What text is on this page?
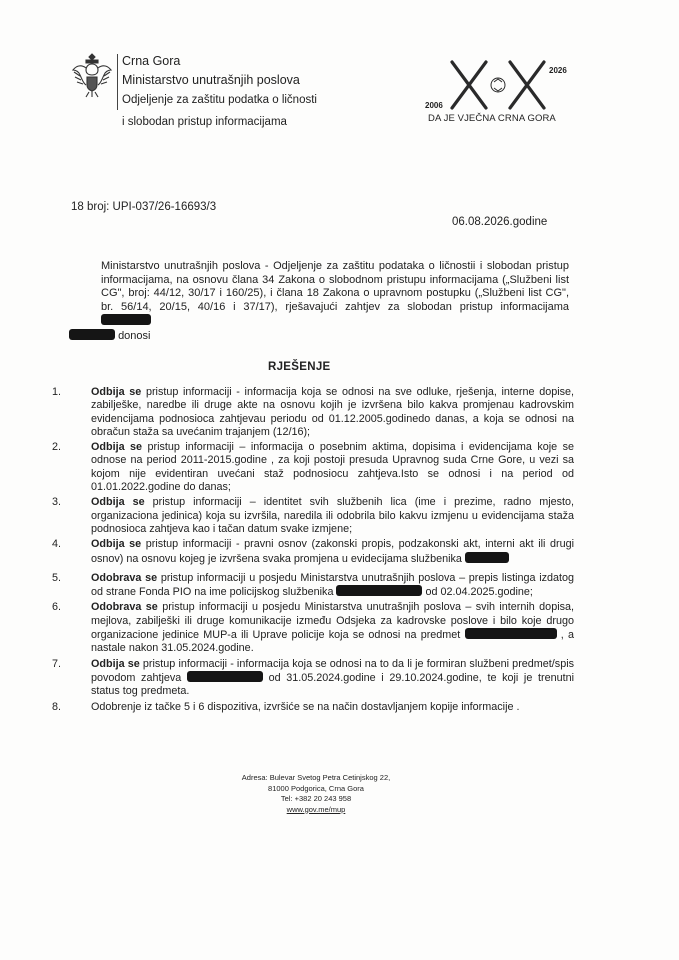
Crna Gora
Ministarstvo unutrašnjih poslova
Odjeljenje za zaštitu podatka o ličnosti
i slobodan pristup informacijama
2006
2026
DA JE VJEČNA CRNA GORA
18 broj: UPI-037/26-16693/3
06.08.2026.godine
Ministarstvo unutrašnjih poslova - Odjeljenje za zaštitu podataka o ličnostii i slobodan pristup informacijama, na osnovu člana 34 Zakona o slobodnom pristupu informacijama („Službeni list CG", broj: 44/12, 30/17 i 160/25), i člana 18 Zakona o upravnom postupku („Službeni list CG", br. 56/14, 20/15, 40/16 i 37/17), rješavajući zahtjev za slobodan pristup informacijama
donosi
RJEŠENJE
1.	Odbija se pristup informaciji - informacija koja se odnosi na sve odluke, rješenja, interne dopise, zabilješke, naredbe ili druge akte na osnovu kojih je izvršena bilo kakva promjenau kadrovskim evidencijama podnosioca zahtjevau periodu od 01.12.2005.godinedo danas, a koja se odnosi na obračun staža sa uvećanim trajanjem (12/16);
2.	Odbija se pristup informaciji – informacija o posebnim aktima, dopisima i evidencijama koje se odnose na period 2011-2015.godine , za koji postoji presuda Upravnog suda Crne Gore, u vezi sa kojom nije evidentiran uvećani staž podnosiocu zahtjeva.Isto se odnosi i na period od 01.01.2022.godine do danas;
3.	Odbija se pristup informaciji – identitet svih službenih lica (ime i prezime, radno mjesto, organizaciona jedinica) koja su izvršila, naredila ili odobrila bilo kakvu izmjenu u evidencijama staža podnosioca zahtjeva kao i tačan datum svake izmjene;
4.	Odbija se pristup informaciji - pravni osnov (zakonski propis, podzakonski akt, interni akt ili drugi osnov) na osnovu kojeg je izvršena svaka promjena u evidecijama službenika
5.	Odobrava se pristup informaciji u posjedu Ministarstva unutrašnjih poslova – prepis listinga izdatog od strane Fonda PIO na ime policijskog službenika	od 02.04.2025.godine;
6.	Odobrava se pristup informaciji u posjedu Ministarstva unutrašnjih poslova – svih internih dopisa, mejlova, zabilješki ili druge komunikacije između Odsjeka za kadrovske poslove i bilo koje drugo organizacione jedinice MUP-a ili Uprave policije koja se odnosi na predmet	, a nastale nakon 31.05.2024.godine.
7.	Odbija se pristup informaciji - informacija koja se odnosi na to da li je formiran službeni predmet/spis povodom zahtjeva	od 31.05.2024.godine i 29.10.2024.godine, te koji je trenutni status tog predmeta.
8.	Odobrenje iz tačke 5 i 6 dispozitiva, izvršiće se na način dostavljanjem kopije informacije .
Adresa: Bulevar Svetog Petra Cetinjskog 22,
81000 Podgorica, Crna Gora
Tel: +382 20 243 958
www.gov.me/mup
